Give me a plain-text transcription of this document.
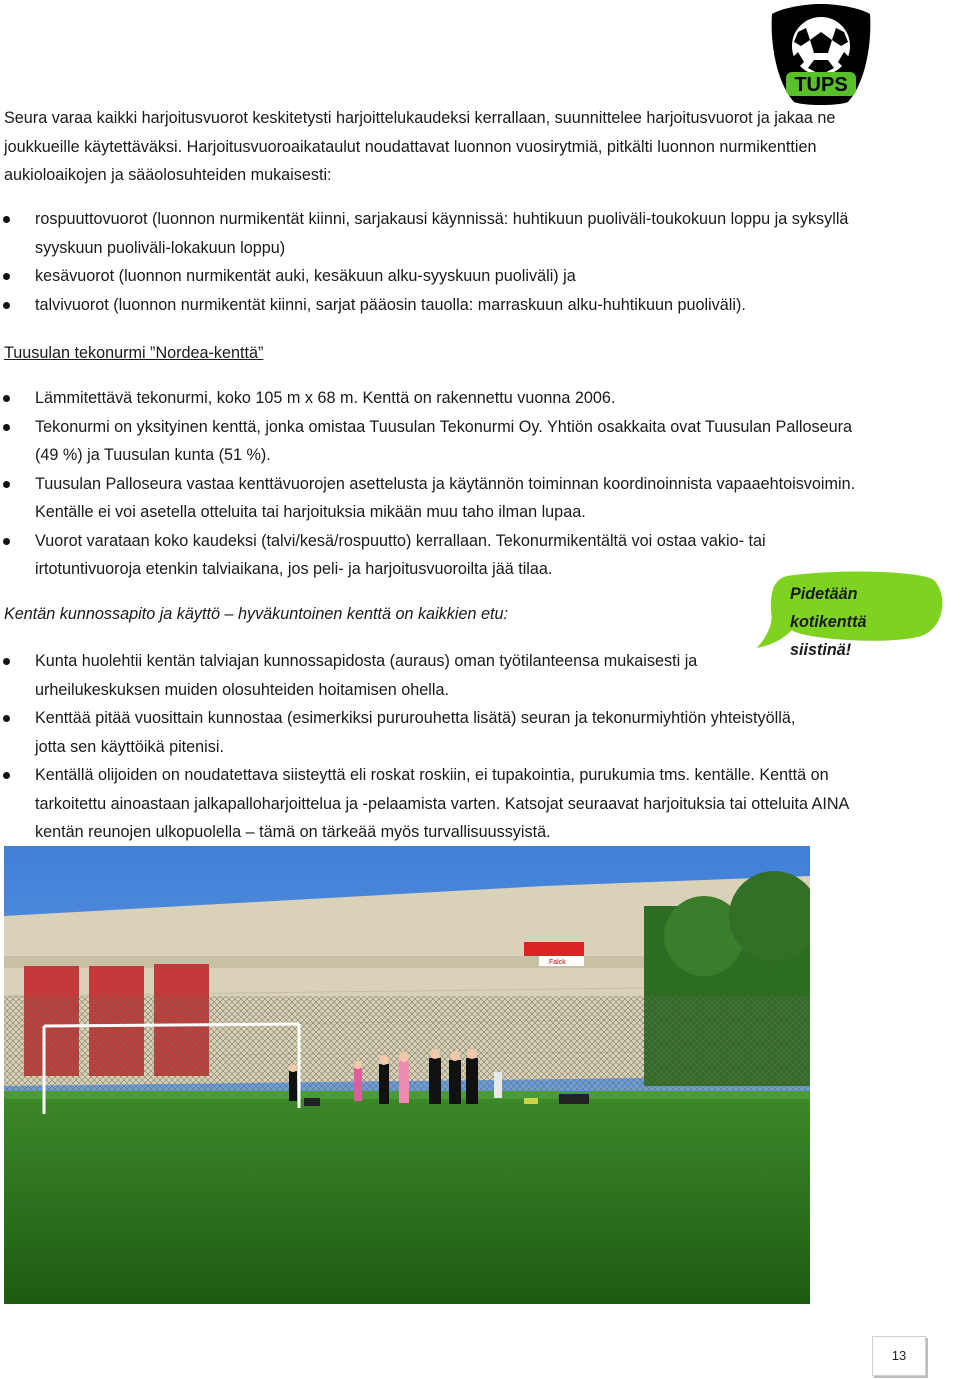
TUPS
Seura varaa kaikki harjoitusvuorot keskitetysti harjoittelukaudeksi kerrallaan, suunnittelee harjoitusvuorot ja jakaa ne joukkueille käytettäväksi. Harjoitusvuoroaikataulut noudattavat luonnon vuosirytmiä, pitkälti luonnon nurmikenttien aukioloaikojen ja sääolosuhteiden mukaisesti:
rospuuttovuorot (luonnon nurmikentät kiinni, sarjakausi käynnissä: huhtikuun puoliväli-toukokuun loppu ja syksyllä syyskuun puoliväli-lokakuun loppu)
kesävuorot (luonnon nurmikentät auki, kesäkuun alku-syyskuun puoliväli) ja
talvivuorot (luonnon nurmikentät kiinni, sarjat pääosin tauolla: marraskuun alku-huhtikuun puoliväli).
Tuusulan tekonurmi ”Nordea-kenttä”
Lämmitettävä tekonurmi, koko 105 m x 68 m. Kenttä on rakennettu vuonna 2006.
Tekonurmi on yksityinen kenttä, jonka omistaa Tuusulan Tekonurmi Oy. Yhtiön osakkaita ovat Tuusulan Palloseura (49 %) ja Tuusulan kunta (51 %).
Tuusulan Palloseura vastaa kenttävuorojen asettelusta ja käytännön toiminnan koordinoinnista vapaaehtoisvoimin. Kentälle ei voi asetella otteluita tai harjoituksia mikään muu taho ilman lupaa.
Vuorot varataan koko kaudeksi (talvi/kesä/rospuutto) kerrallaan. Tekonurmikentältä voi ostaa vakio- tai irtotuntivuoroja etenkin talviaikana, jos peli- ja harjoitusvuoroilta jää tilaa.
Kentän kunnossapito ja käyttö – hyväkuntoinen kenttä on kaikkien etu:
Pidetään
kotikenttä
siistinä!
Kunta huolehtii kentän talviajan kunnossapidosta (auraus) oman työtilanteensa mukaisesti ja urheilukeskuksen muiden olosuhteiden hoitamisen ohella.
Kenttää pitää vuosittain kunnostaa (esimerkiksi pururouhetta lisätä) seuran ja tekonurmiyhtiön yhteistyöllä, jotta sen käyttöikä pitenisi.
Kentällä olijoiden on noudatettava siisteyttä eli roskat roskiin, ei tupakointia, purukumia tms. kentälle. Kenttä on tarkoitettu ainoastaan jalkapalloharjoittelua ja -pelaamista varten. Katsojat seuraavat harjoituksia tai otteluita AINA kentän reunojen ulkopuolella – tämä on tärkeää myös turvallisuussyistä.
Falck
13
